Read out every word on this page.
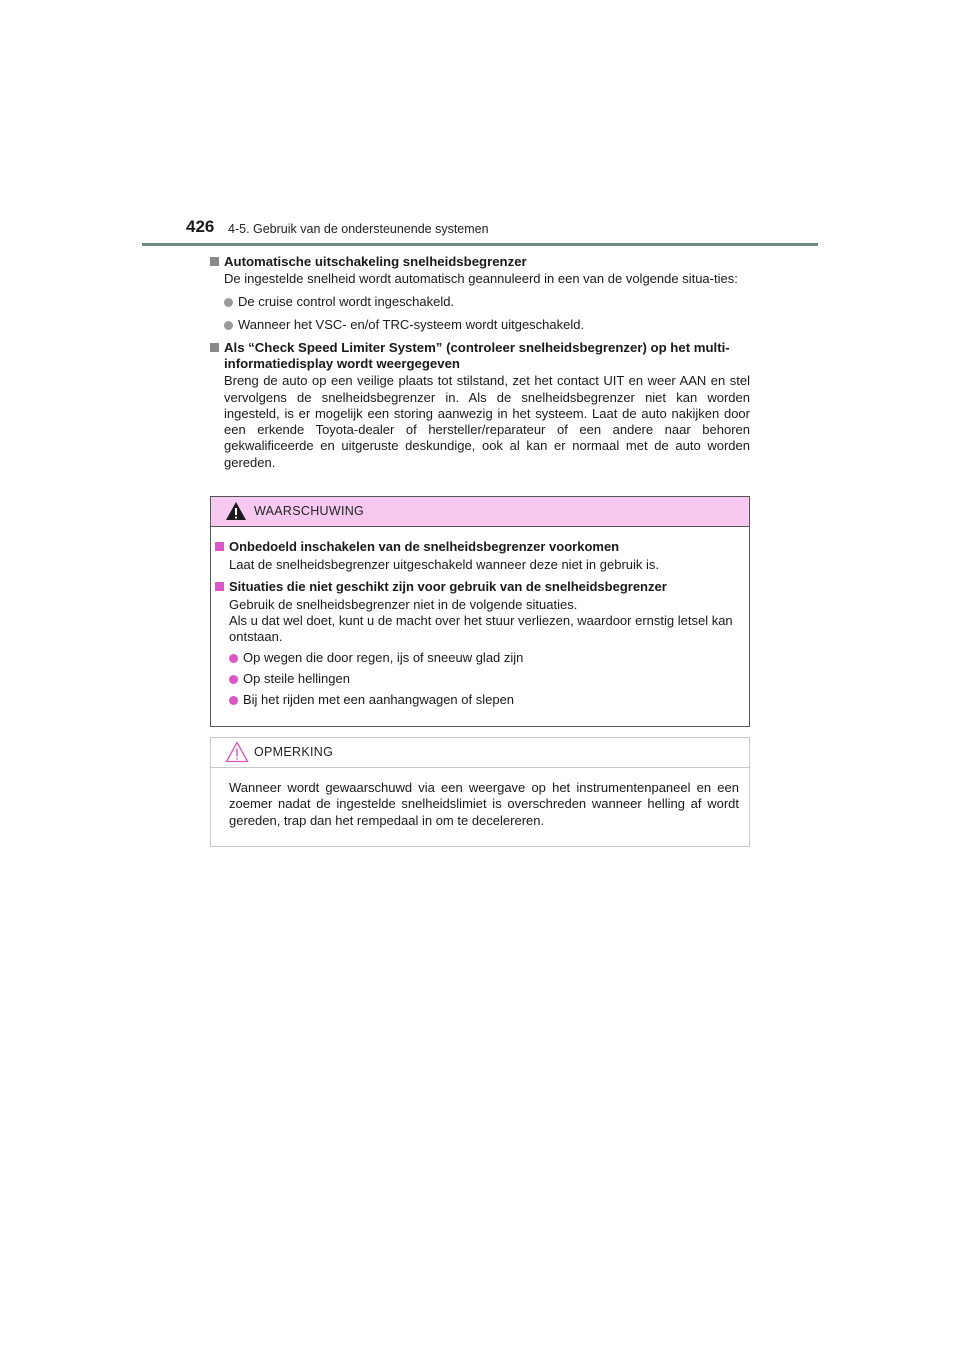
426 4-5. Gebruik van de ondersteunende systemen
Automatische uitschakeling snelheidsbegrenzer
De ingestelde snelheid wordt automatisch geannuleerd in een van de volgende situa-ties:
De cruise control wordt ingeschakeld.
Wanneer het VSC- en/of TRC-systeem wordt uitgeschakeld.
Als “Check Speed Limiter System” (controleer snelheidsbegrenzer) op het multi-informatiedisplay wordt weergegeven
Breng de auto op een veilige plaats tot stilstand, zet het contact UIT en weer AAN en stel vervolgens de snelheidsbegrenzer in. Als de snelheidsbegrenzer niet kan worden ingesteld, is er mogelijk een storing aanwezig in het systeem. Laat de auto nakijken door een erkende Toyota-dealer of hersteller/reparateur of een andere naar behoren gekwalificeerde en uitgeruste deskundige, ook al kan er normaal met de auto worden gereden.
WAARSCHUWING
Onbedoeld inschakelen van de snelheidsbegrenzer voorkomen
Laat de snelheidsbegrenzer uitgeschakeld wanneer deze niet in gebruik is.
Situaties die niet geschikt zijn voor gebruik van de snelheidsbegrenzer
Gebruik de snelheidsbegrenzer niet in de volgende situaties.
Als u dat wel doet, kunt u de macht over het stuur verliezen, waardoor ernstig letsel kan ontstaan.
Op wegen die door regen, ijs of sneeuw glad zijn
Op steile hellingen
Bij het rijden met een aanhangwagen of slepen
OPMERKING
Wanneer wordt gewaarschuwd via een weergave op het instrumentenpaneel en een zoemer nadat de ingestelde snelheidslimiet is overschreden wanneer helling af wordt gereden, trap dan het rempedaal in om te decelereren.
